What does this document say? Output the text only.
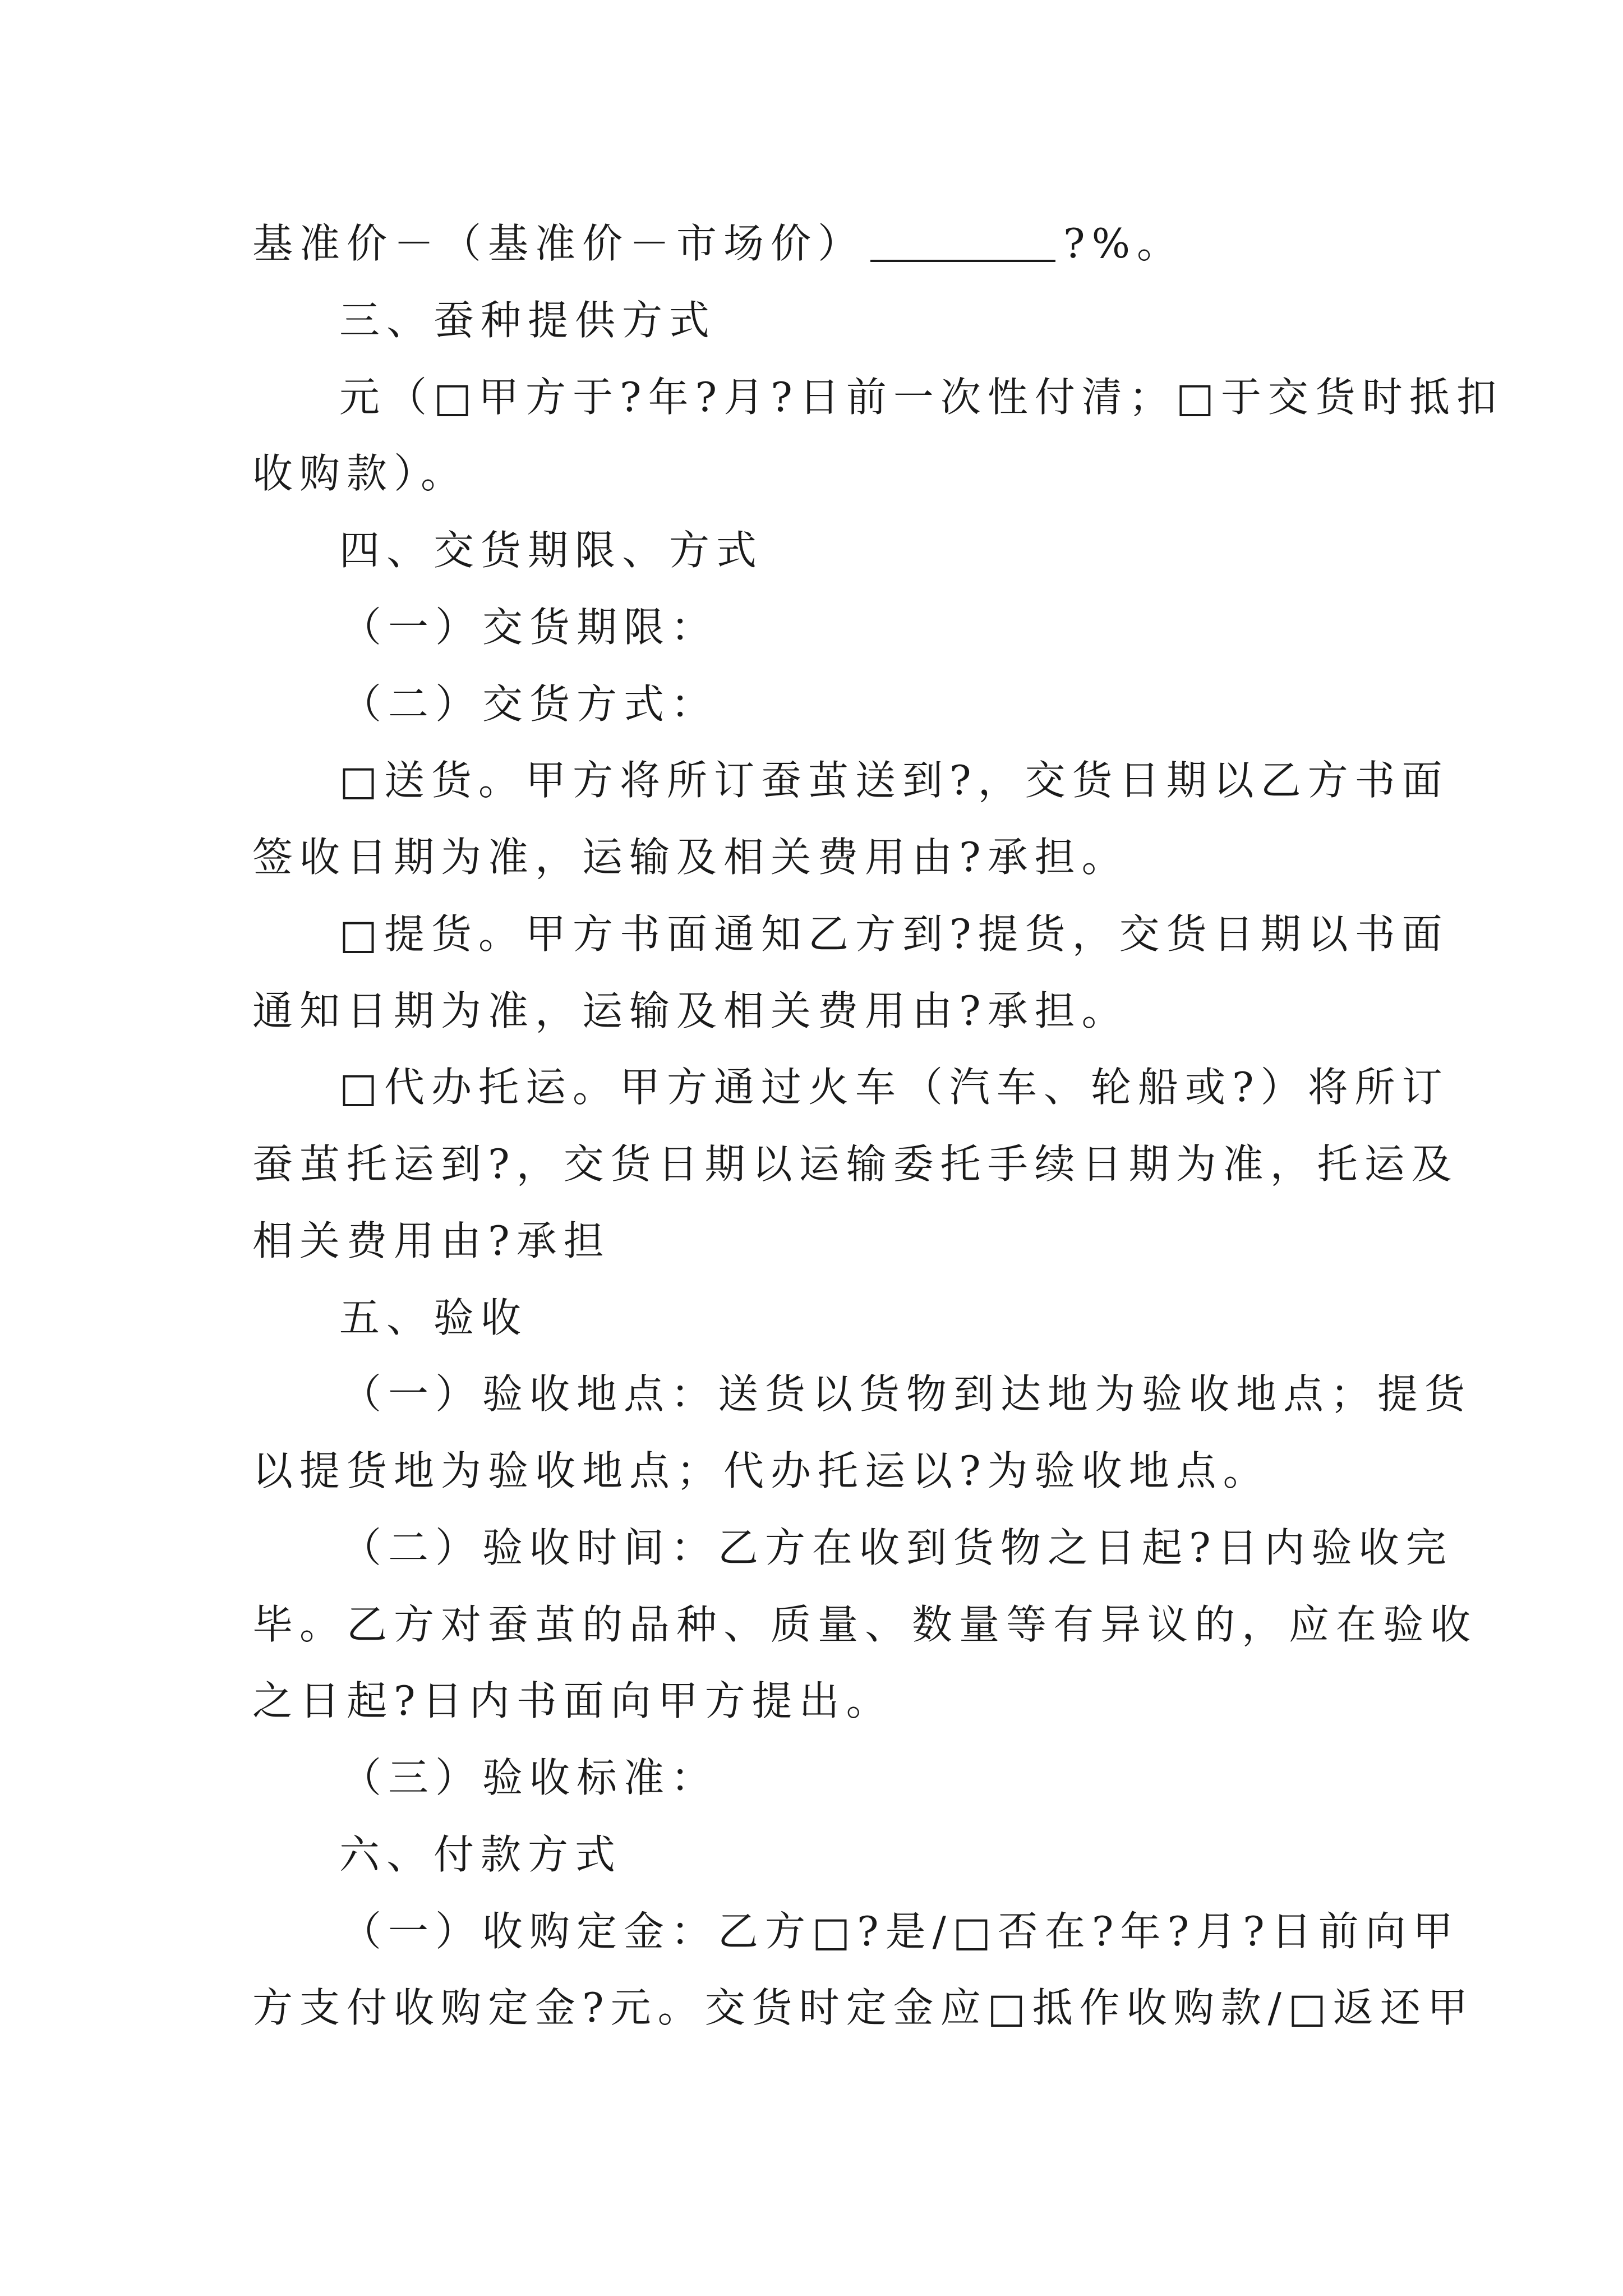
基准价－（基准价－市场价）	?%。
三、蚕种提供方式
元（□甲方于?年?月?日前一次性付清；□于交货时抵扣
收购款）。
四、交货期限、方式
（一）交货期限：
（二）交货方式：
□送货。甲方将所订蚕茧送到?，交货日期以乙方书面
签收日期为准，运输及相关费用由?承担。
□提货。甲方书面通知乙方到?提货，交货日期以书面
通知日期为准，运输及相关费用由?承担。
□代办托运。甲方通过火车（汽车、轮船或?）将所订
蚕茧托运到?，交货日期以运输委托手续日期为准，托运及
相关费用由?承担
五、验收
（一）验收地点：送货以货物到达地为验收地点；提货
以提货地为验收地点；代办托运以?为验收地点。
（二）验收时间：乙方在收到货物之日起?日内验收完
毕。乙方对蚕茧的品种、质量、数量等有异议的，应在验收
之日起?日内书面向甲方提出。
（三）验收标准：
六、付款方式
（一）收购定金：乙方□?是/□否在?年?月?日前向甲
方支付收购定金?元。交货时定金应□抵作收购款/□返还甲
